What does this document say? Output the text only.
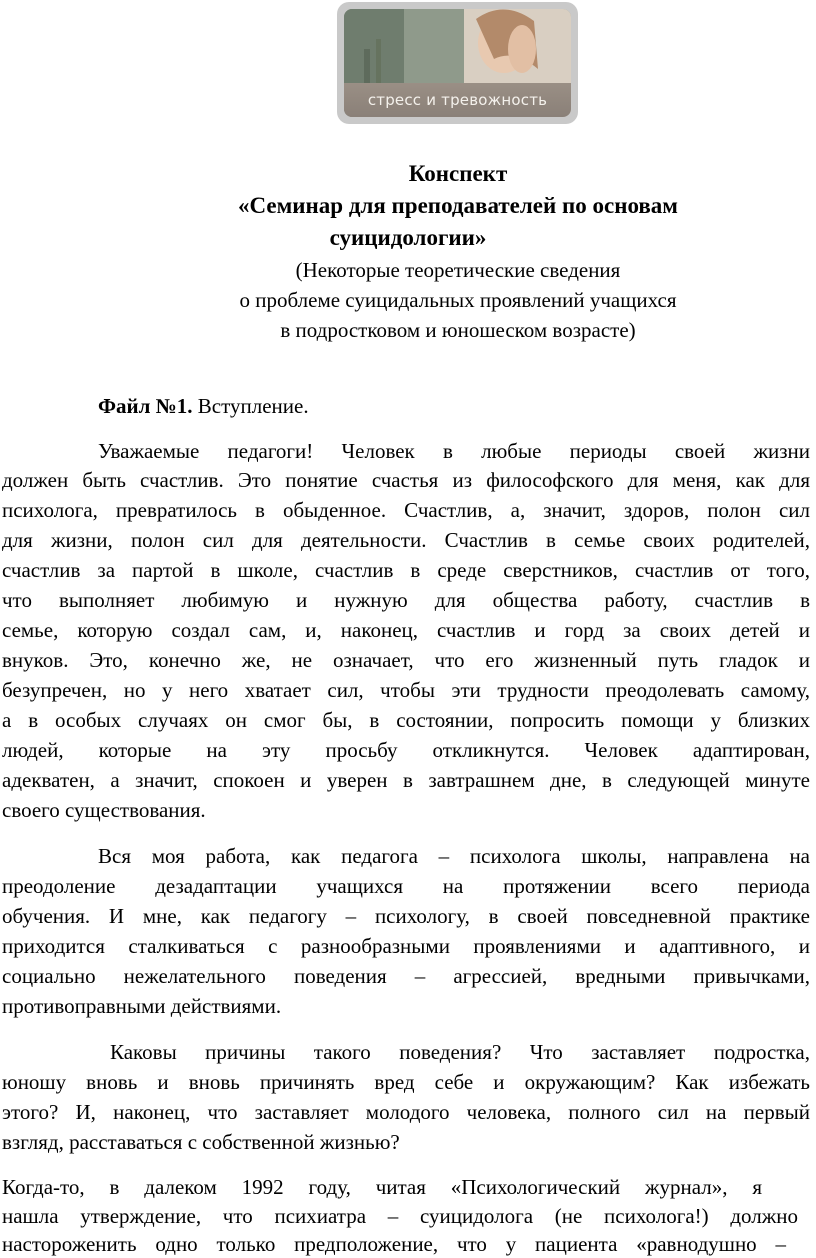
стресс и тревожность
Конспект
«Семинар для преподавателей по основам
суицидологии»
(Некоторые теоретические сведения
о проблеме суицидальных проявлений учащихся
в подростковом и юношеском возрасте)
Файл №1. Вступление.
Уважаемые педагоги! Человек в любые периоды своей жизни
должен быть счастлив. Это понятие счастья из философского для меня, как для
психолога, превратилось в обыденное. Счастлив, а, значит, здоров, полон сил
для жизни, полон сил для деятельности. Счастлив в семье своих родителей,
счастлив за партой в школе, счастлив в среде сверстников, счастлив от того,
что выполняет любимую и нужную для общества работу, счастлив в
семье, которую создал сам, и, наконец, счастлив и горд за своих детей и
внуков. Это, конечно же, не означает, что его жизненный путь гладок и
безупречен, но у него хватает сил, чтобы эти трудности преодолевать самому,
а в особых случаях он смог бы, в состоянии, попросить помощи у близких
людей, которые на эту просьбу откликнутся. Человек адаптирован,
адекватен, а значит, спокоен и уверен в завтрашнем дне, в следующей минуте
своего существования.
Вся моя работа, как педагога – психолога школы, направлена на
преодоление дезадаптации учащихся на протяжении всего периода
обучения. И мне, как педагогу – психологу, в своей повседневной практике
приходится сталкиваться с разнообразными проявлениями и адаптивного, и
социально нежелательного поведения – агрессией, вредными привычками,
противоправными действиями.
Каковы причины такого поведения? Что заставляет подростка,
юношу вновь и вновь причинять вред себе и окружающим? Как избежать
этого? И, наконец, что заставляет молодого человека, полного сил на первый
взгляд, расставаться с собственной жизнью?
Когда-то, в далеком 1992 году, читая «Психологический журнал», я
нашла утверждение, что психиатра – суицидолога (не психолога!) должно
настороженить одно только предположение, что у пациента «равнодушно –
